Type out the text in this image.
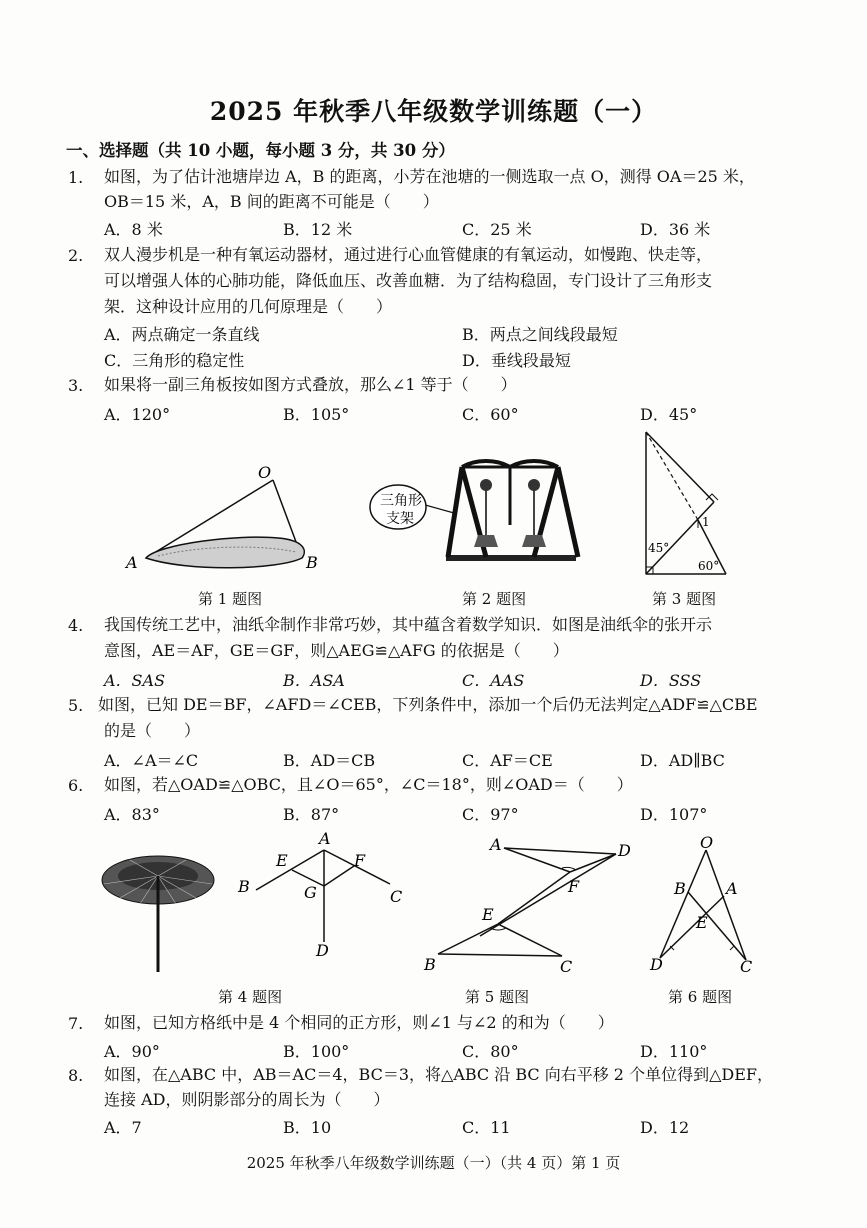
2025 年秋季八年级数学训练题（一）
一、选择题（共 10 小题，每小题 3 分，共 30 分）
1. 如图，为了估计池塘岸边 A，B 的距离，小芳在池塘的一侧选取一点 O，测得 OA＝25 米，
OB＝15 米，A，B 间的距离不可能是（　　）
A．8 米	B．12 米	C．25 米	D．36 米
2. 双人漫步机是一种有氧运动器材，通过进行心血管健康的有氧运动，如慢跑、快走等，
可以增强人体的心肺功能，降低血压、改善血糖．为了结构稳固，专门设计了三角形支
架．这种设计应用的几何原理是（　　）
A．两点确定一条直线	B．两点之间线段最短
C．三角形的稳定性	D．垂线段最短
3. 如果将一副三角板按如图方式叠放，那么∠1 等于（　　）
A．120°	B．105°	C．60°	D．45°
O
A	B
第 1 题图
三角形
支架
第 2 题图
45°
60°
1
第 3 题图
4. 我国传统工艺中，油纸伞制作非常巧妙，其中蕴含着数学知识．如图是油纸伞的张开示
意图，AE＝AF，GE＝GF，则△AEG≌△AFG 的依据是（　　）
A．SAS	B．ASA	C．AAS	D．SSS
5. 如图，已知 DE＝BF，∠AFD＝∠CEB，下列条件中，添加一个后仍无法判定△ADF≌△CBE
的是（　　）
A．∠A＝∠C	B．AD＝CB	C．AF＝CE	D．AD∥BC
6. 如图，若△OAD≌△OBC，且∠O＝65°，∠C＝18°，则∠OAD＝（　　）
A．83°	B．87°	C．97°	D．107°
A
E	F
B	G	C
D
第 4 题图
A	D
F
E
B	C
第 5 题图
O
B	A
E
D	C
第 6 题图
7. 如图，已知方格纸中是 4 个相同的正方形，则∠1 与∠2 的和为（　　）
A．90°	B．100°	C．80°	D．110°
8. 如图，在△ABC 中，AB＝AC＝4，BC＝3，将△ABC 沿 BC 向右平移 2 个单位得到△DEF，
连接 AD，则阴影部分的周长为（　　）
A．7	B．10	C．11	D．12
2025 年秋季八年级数学训练题（一）（共 4 页）第 1 页
